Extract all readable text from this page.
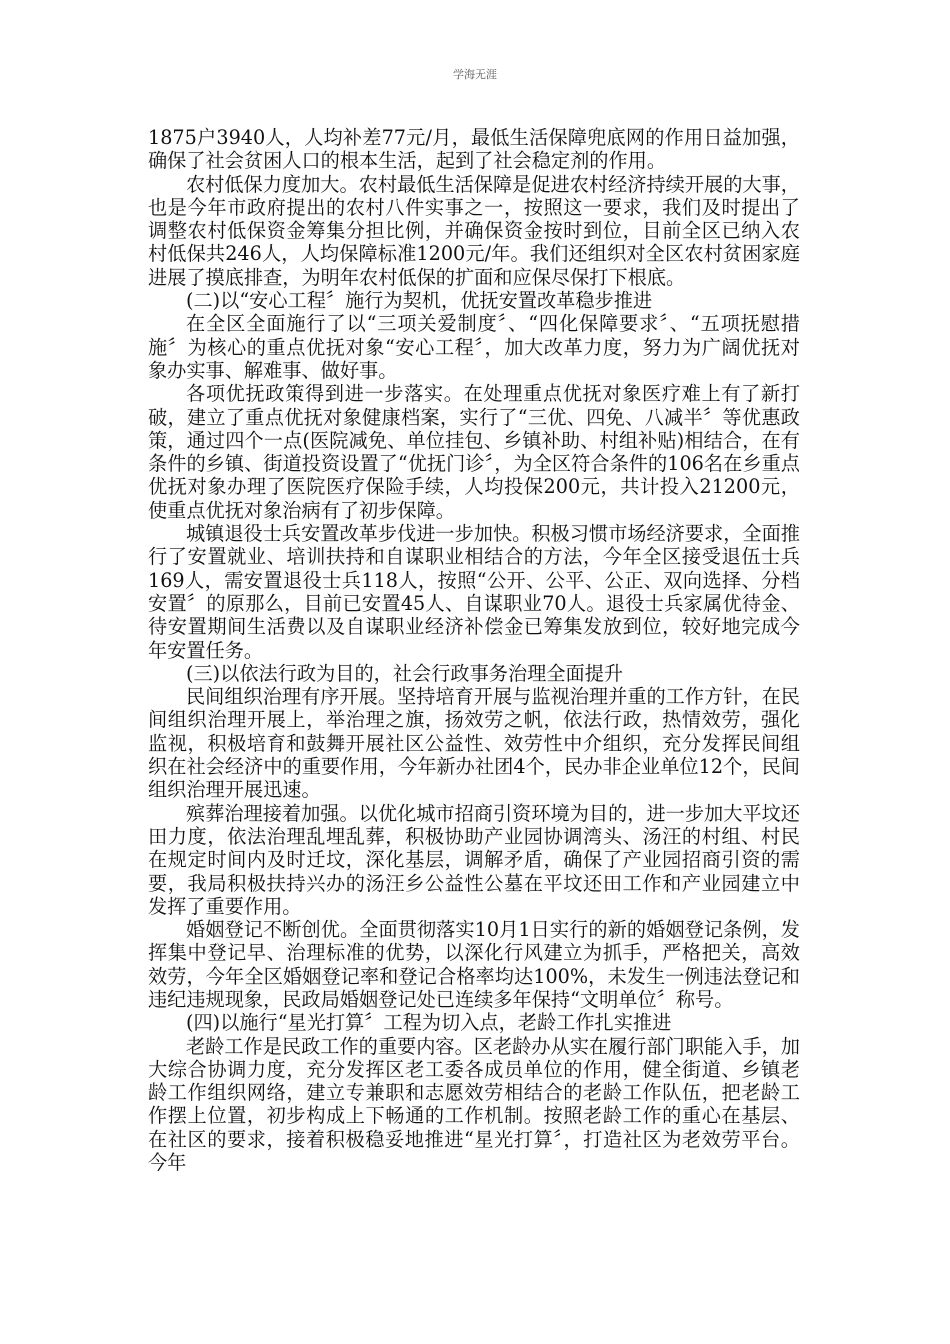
学海无涯

1875户3940人，人均补差77元/月，最低生活保障兜底网的作用日益加强，确保了社会贫困人口的根本生活，起到了社会稳定剂的作用。

农村低保力度加大。农村最低生活保障是促进农村经济持续开展的大事，也是今年市政府提出的农村八件实事之一，按照这一要求，我们及时提出了调整农村低保资金筹集分担比例，并确保资金按时到位，目前全区已纳入农村低保共246人，人均保障标准1200元/年。我们还组织对全区农村贫困家庭进展了摸底排查，为明年农村低保的扩面和应保尽保打下根底。

(二)以“安心工程〞施行为契机，优抚安置改革稳步推进

在全区全面施行了以“三项关爱制度〞、“四化保障要求〞、“五项抚慰措施〞为核心的重点优抚对象“安心工程〞，加大改革力度，努力为广阔优抚对象办实事、解难事、做好事。

各项优抚政策得到进一步落实。在处理重点优抚对象医疗难上有了新打破，建立了重点优抚对象健康档案，实行了“三优、四免、八减半〞等优惠政策，通过四个一点(医院减免、单位挂包、乡镇补助、村组补贴)相结合，在有条件的乡镇、街道投资设置了“优抚门诊〞，为全区符合条件的106名在乡重点优抚对象办理了医院医疗保险手续，人均投保200元，共计投入21200元，使重点优抚对象治病有了初步保障。

城镇退役士兵安置改革步伐进一步加快。积极习惯市场经济要求，全面推行了安置就业、培训扶持和自谋职业相结合的方法，今年全区接受退伍士兵169人，需安置退役士兵118人，按照“公开、公平、公正、双向选择、分档安置〞的原那么，目前已安置45人、自谋职业70人。退役士兵家属优待金、待安置期间生活费以及自谋职业经济补偿金已筹集发放到位，较好地完成今年安置任务。

(三)以依法行政为目的，社会行政事务治理全面提升

民间组织治理有序开展。坚持培育开展与监视治理并重的工作方针，在民间组织治理开展上，举治理之旗，扬效劳之帆，依法行政，热情效劳，强化监视，积极培育和鼓舞开展社区公益性、效劳性中介组织，充分发挥民间组织在社会经济中的重要作用，今年新办社团4个，民办非企业单位12个，民间组织治理开展迅速。

殡葬治理接着加强。以优化城市招商引资环境为目的，进一步加大平坟还田力度，依法治理乱埋乱葬，积极协助产业园协调湾头、汤汪的村组、村民在规定时间内及时迁坟，深化基层，调解矛盾，确保了产业园招商引资的需要，我局积极扶持兴办的汤汪乡公益性公墓在平坟还田工作和产业园建立中发挥了重要作用。

婚姻登记不断创优。全面贯彻落实10月1日实行的新的婚姻登记条例，发挥集中登记早、治理标准的优势，以深化行风建立为抓手，严格把关，高效效劳，今年全区婚姻登记率和登记合格率均达100%，未发生一例违法登记和违纪违规现象，民政局婚姻登记处已连续多年保持“文明单位〞称号。

(四)以施行“星光打算〞工程为切入点，老龄工作扎实推进

老龄工作是民政工作的重要内容。区老龄办从实在履行部门职能入手，加大综合协调力度，充分发挥区老工委各成员单位的作用，健全街道、乡镇老龄工作组织网络，建立专兼职和志愿效劳相结合的老龄工作队伍，把老龄工作摆上位置，初步构成上下畅通的工作机制。按照老龄工作的重心在基层、在社区的要求，接着积极稳妥地推进“星光打算〞，打造社区为老效劳平台。今年
